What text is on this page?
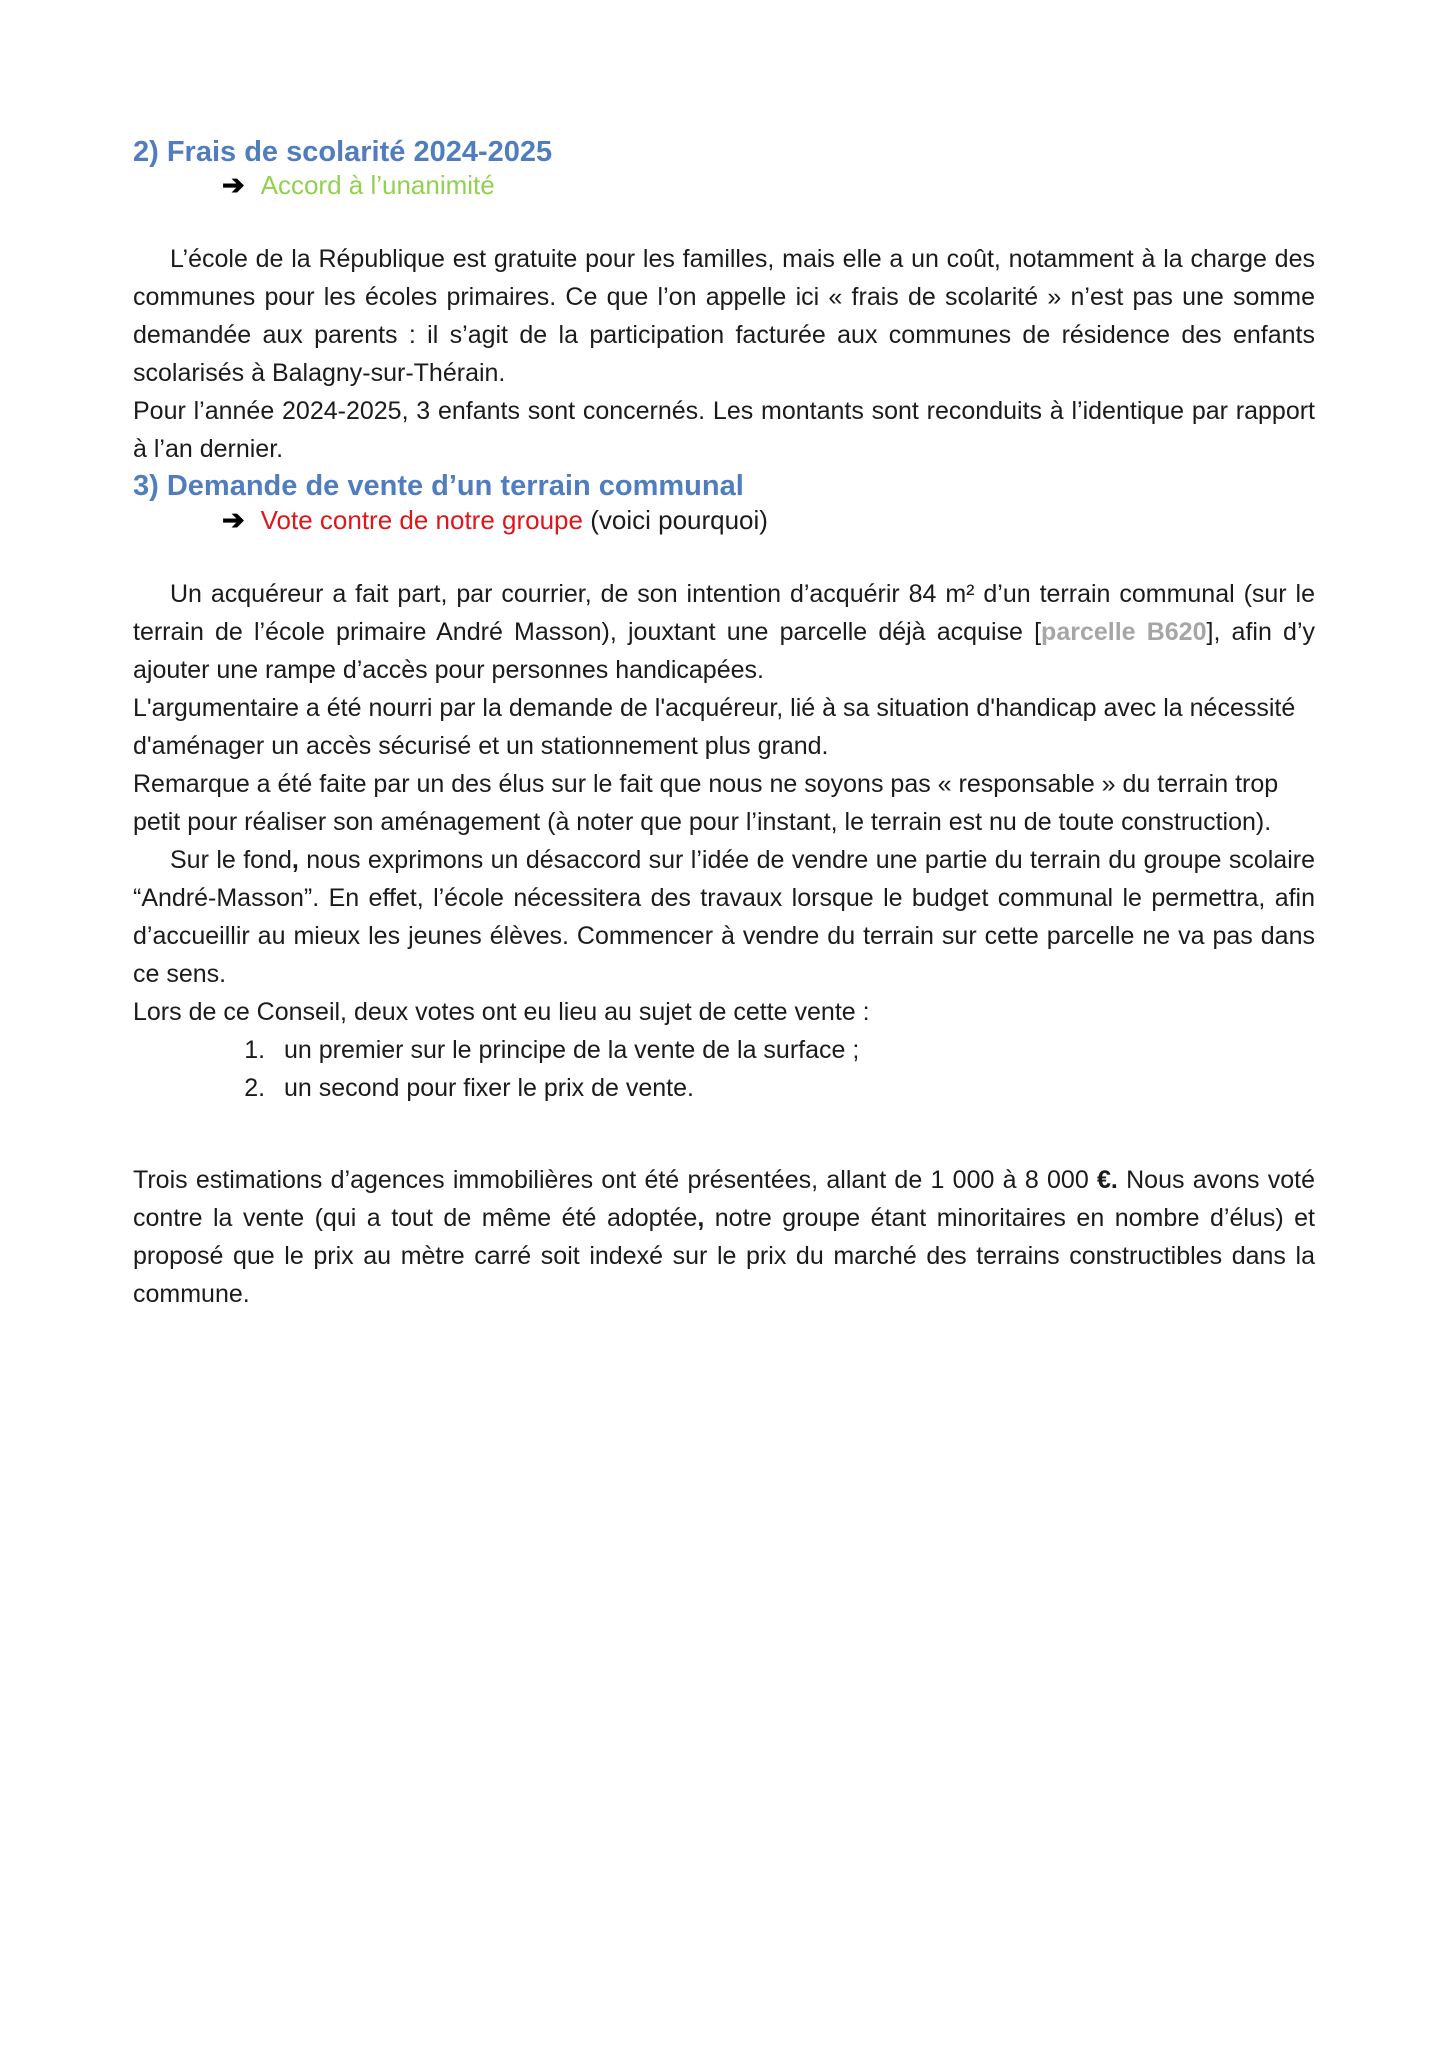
2) Frais de scolarité 2024-2025
➔ Accord à l’unanimité

L’école de la République est gratuite pour les familles, mais elle a un coût, notamment à la charge des communes pour les écoles primaires. Ce que l’on appelle ici « frais de scolarité » n’est pas une somme demandée aux parents : il s’agit de la participation facturée aux communes de résidence des enfants scolarisés à Balagny-sur-Thérain.

Pour l’année 2024-2025, 3 enfants sont concernés. Les montants sont reconduits à l’identique par rapport à l’an dernier.

3) Demande de vente d’un terrain communal
➔ Vote contre de notre groupe (voici pourquoi)

Un acquéreur a fait part, par courrier, de son intention d’acquérir 84 m² d’un terrain communal (sur le terrain de l’école primaire André Masson), jouxtant une parcelle déjà acquise [parcelle B620], afin d’y ajouter une rampe d’accès pour personnes handicapées.

L'argumentaire a été nourri par la demande de l'acquéreur, lié à sa situation d'handicap avec la nécessité d'aménager un accès sécurisé et un stationnement plus grand.

Remarque a été faite par un des élus sur le fait que nous ne soyons pas « responsable » du terrain trop petit pour réaliser son aménagement (à noter que pour l’instant, le terrain est nu de toute construction).

Sur le fond, nous exprimons un désaccord sur l’idée de vendre une partie du terrain du groupe scolaire “André-Masson”. En effet, l’école nécessitera des travaux lorsque le budget communal le permettra, afin d’accueillir au mieux les jeunes élèves. Commencer à vendre du terrain sur cette parcelle ne va pas dans ce sens.

Lors de ce Conseil, deux votes ont eu lieu au sujet de cette vente :

1. un premier sur le principe de la vente de la surface ;
2. un second pour fixer le prix de vente.

Trois estimations d’agences immobilières ont été présentées, allant de 1 000 à 8 000 €. Nous avons voté contre la vente (qui a tout de même été adoptée, notre groupe étant minoritaires en nombre d’élus) et proposé que le prix au mètre carré soit indexé sur le prix du marché des terrains constructibles dans la commune.
